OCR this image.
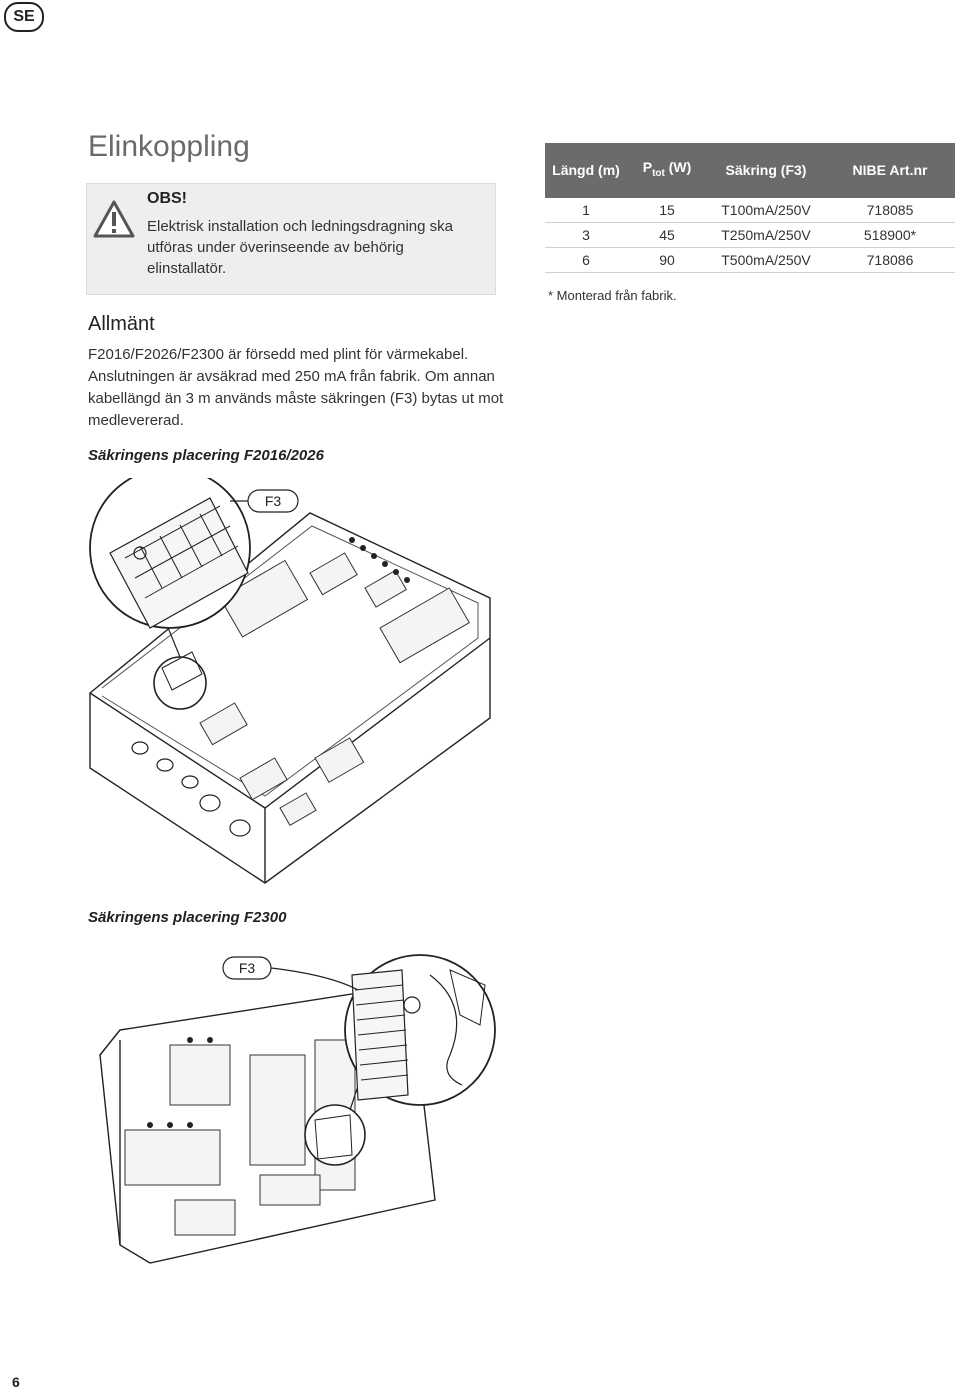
SE
Elinkoppling
OBS!
Elektrisk installation och ledningsdragning ska utföras under överinseende av behörig elinstallatör.
Allmänt

F2016/F2026/F2300 är försedd med plint för värmekabel. Anslutningen är avsäkrad med 250 mA från fabrik. Om annan kabellängd än 3 m används måste säkringen (F3) bytas ut mot medlevererad.

Längd (m)	$P_{tot}$ (W)	Säkring (F3)	NIBE Art.nr
1	15	T100mA/250V	718085
3	45	T250mA/250V	518900*
6	90	T500mA/250V	718086
* Monterad från fabrik.
Säkringens placering F2016/2026
F3
Säkringens placering F2300
F3
6
